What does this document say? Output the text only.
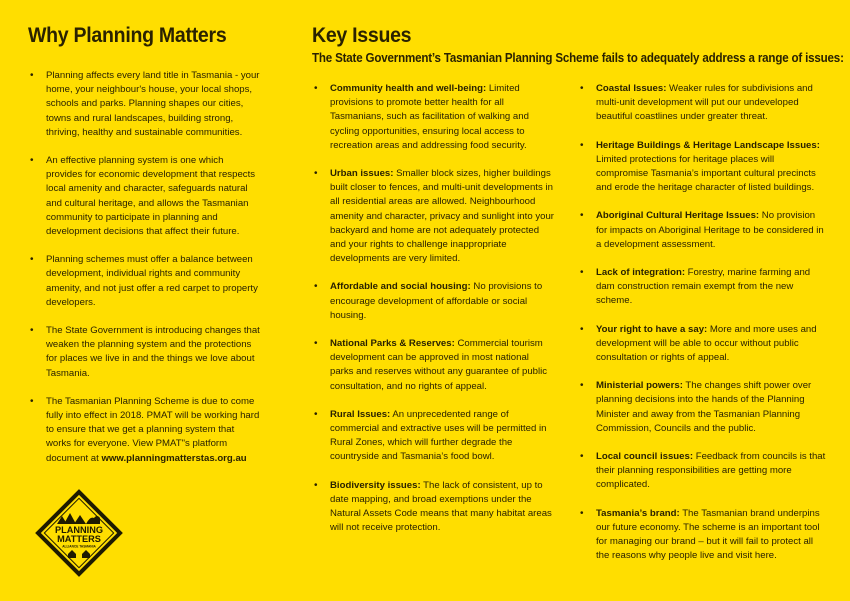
Why Planning Matters
• Planning affects every land title in Tasmania - your home, your neighbour's house, your local shops, schools and parks. Planning shapes our cities, towns and rural landscapes, building strong, thriving, healthy and sustainable communities.
• An effective planning system is one which provides for economic development that respects local amenity and character, safeguards natural and cultural heritage, and allows the Tasmanian community to participate in planning and development decisions that affect their future.
• Planning schemes must offer a balance between development, individual rights and community amenity, and not just offer a red carpet to property developers.
• The State Government is introducing changes that weaken the planning system and the protections for places we live in and the things we love about Tasmania.
• The Tasmanian Planning Scheme is due to come fully into effect in 2018. PMAT will be working hard to ensure that we get a planning system that works for everyone. View PMAT"s platform document at www.planningmatterstas.org.au
PLANNING
MATTERS
ALLIANCE TASMANIA
Key Issues
The State Government’s Tasmanian Planning Scheme fails to adequately address a range of issues:
• Community health and well-being: Limited provisions to promote better health for all Tasmanians, such as facilitation of walking and cycling opportunities, ensuring local access to recreation areas and addressing food security.
• Urban issues: Smaller block sizes, higher buildings built closer to fences, and multi-unit developments in all residential areas are allowed. Neighbourhood amenity and character, privacy and sunlight into your backyard and home are not adequately protected and your rights to challenge inappropriate developments are very limited.
• Affordable and social housing: No provisions to encourage development of affordable or social housing.
• National Parks & Reserves: Commercial tourism development can be approved in most national parks and reserves without any guarantee of public consultation, and no rights of appeal.
• Rural Issues: An unprecedented range of commercial and extractive uses will be permitted in Rural Zones, which will further degrade the countryside and Tasmania’s food bowl.
• Biodiversity issues: The lack of consistent, up to date mapping, and broad exemptions under the Natural Assets Code means that many habitat areas will not receive protection.
• Coastal Issues: Weaker rules for subdivisions and multi-unit development will put our undeveloped beautiful coastlines under greater threat.
• Heritage Buildings & Heritage Landscape Issues: Limited protections for heritage places will compromise Tasmania’s important cultural precincts and erode the heritage character of listed buildings.
• Aboriginal Cultural Heritage Issues: No provision for impacts on Aboriginal Heritage to be considered in a development assessment.
• Lack of integration: Forestry, marine farming and dam construction remain exempt from the new scheme.
• Your right to have a say: More and more uses and development will be able to occur without public consultation or rights of appeal.
• Ministerial powers: The changes shift power over planning decisions into the hands of the Planning Minister and away from the Tasmanian Planning Commission, Councils and the public.
• Local council issues: Feedback from councils is that their planning responsibilities are getting more complicated.
• Tasmania’s brand: The Tasmanian brand underpins our future economy. The scheme is an important tool for managing our brand – but it will fail to protect all the reasons why people live and visit here.
